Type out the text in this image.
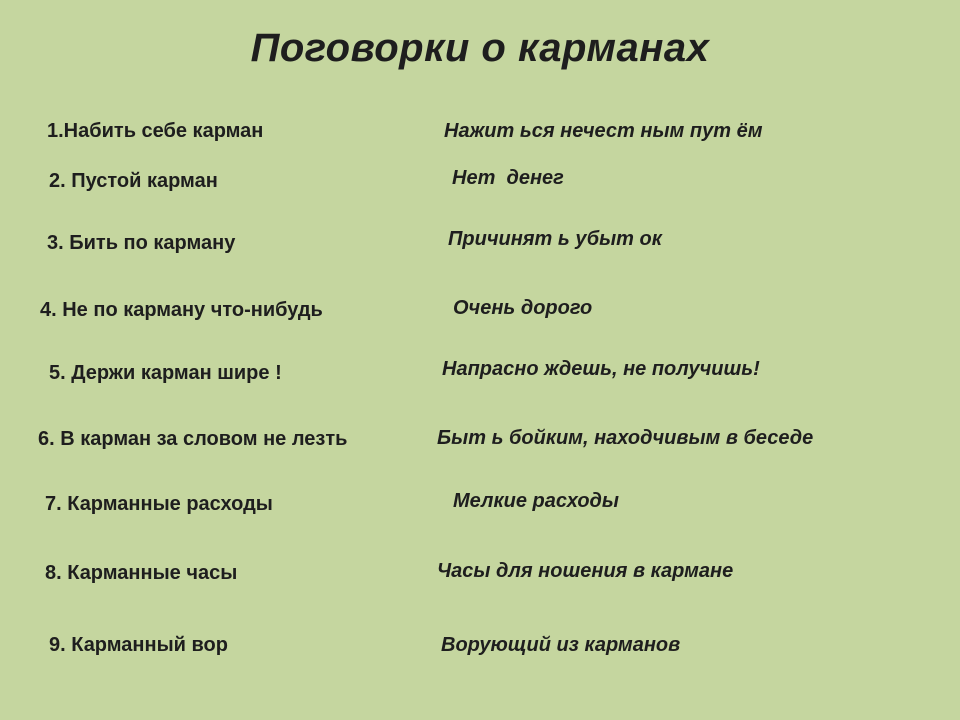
Поговорки о карманах
1.Набить себе карман	Нажит ься нечест ным пут ём
2. Пустой карман	Нет  денег
3. Бить по карману	Причинят ь убыт ок
4. Не по карману что-нибудь	Очень дорого
5. Держи карман шире !	Напрасно ждешь, не получишь!
6. В карман за словом не лезть	Быт ь бойким, находчивым в беседе
7. Карманные расходы	Мелкие расходы
8. Карманные часы	Часы для ношения в кармане
9. Карманный вор	Ворующий из карманов
